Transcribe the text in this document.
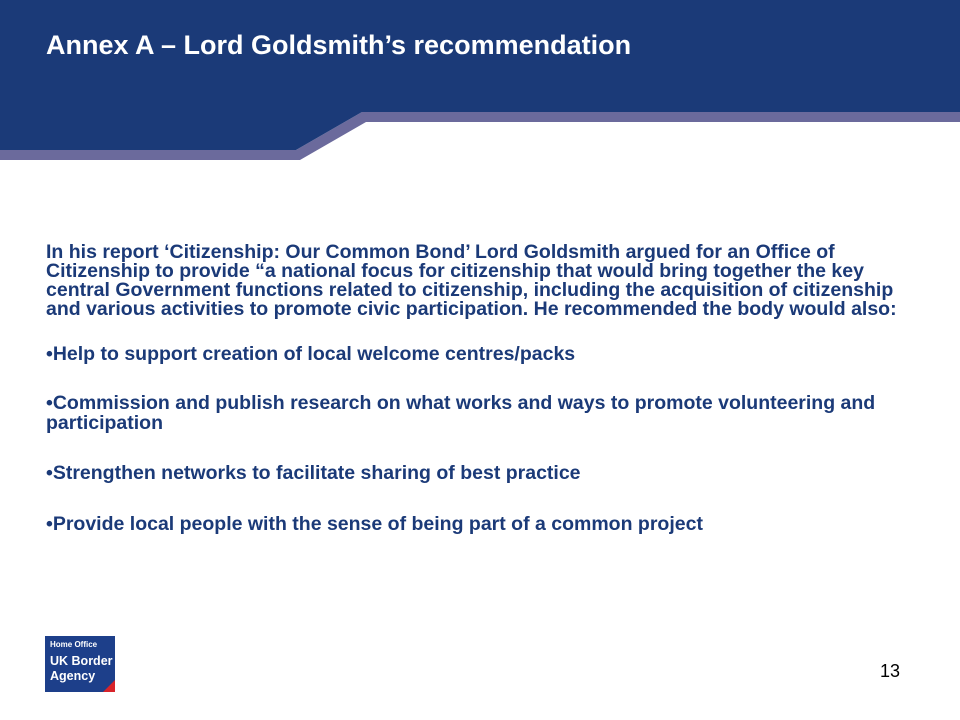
Annex A – Lord Goldsmith’s recommendation

In his report ‘Citizenship: Our Common Bond’ Lord Goldsmith argued for an Office of Citizenship to provide “a national focus for citizenship that would bring together the key central Government functions related to citizenship, including the acquisition of citizenship and various activities to promote civic participation. He recommended the body would also:

•Help to support creation of local welcome centres/packs

•Commission and publish research on what works and ways to promote volunteering and participation

•Strengthen networks to facilitate sharing of best practice

•Provide local people with the sense of being part of a common project

Home Office
UK Border
Agency	13
